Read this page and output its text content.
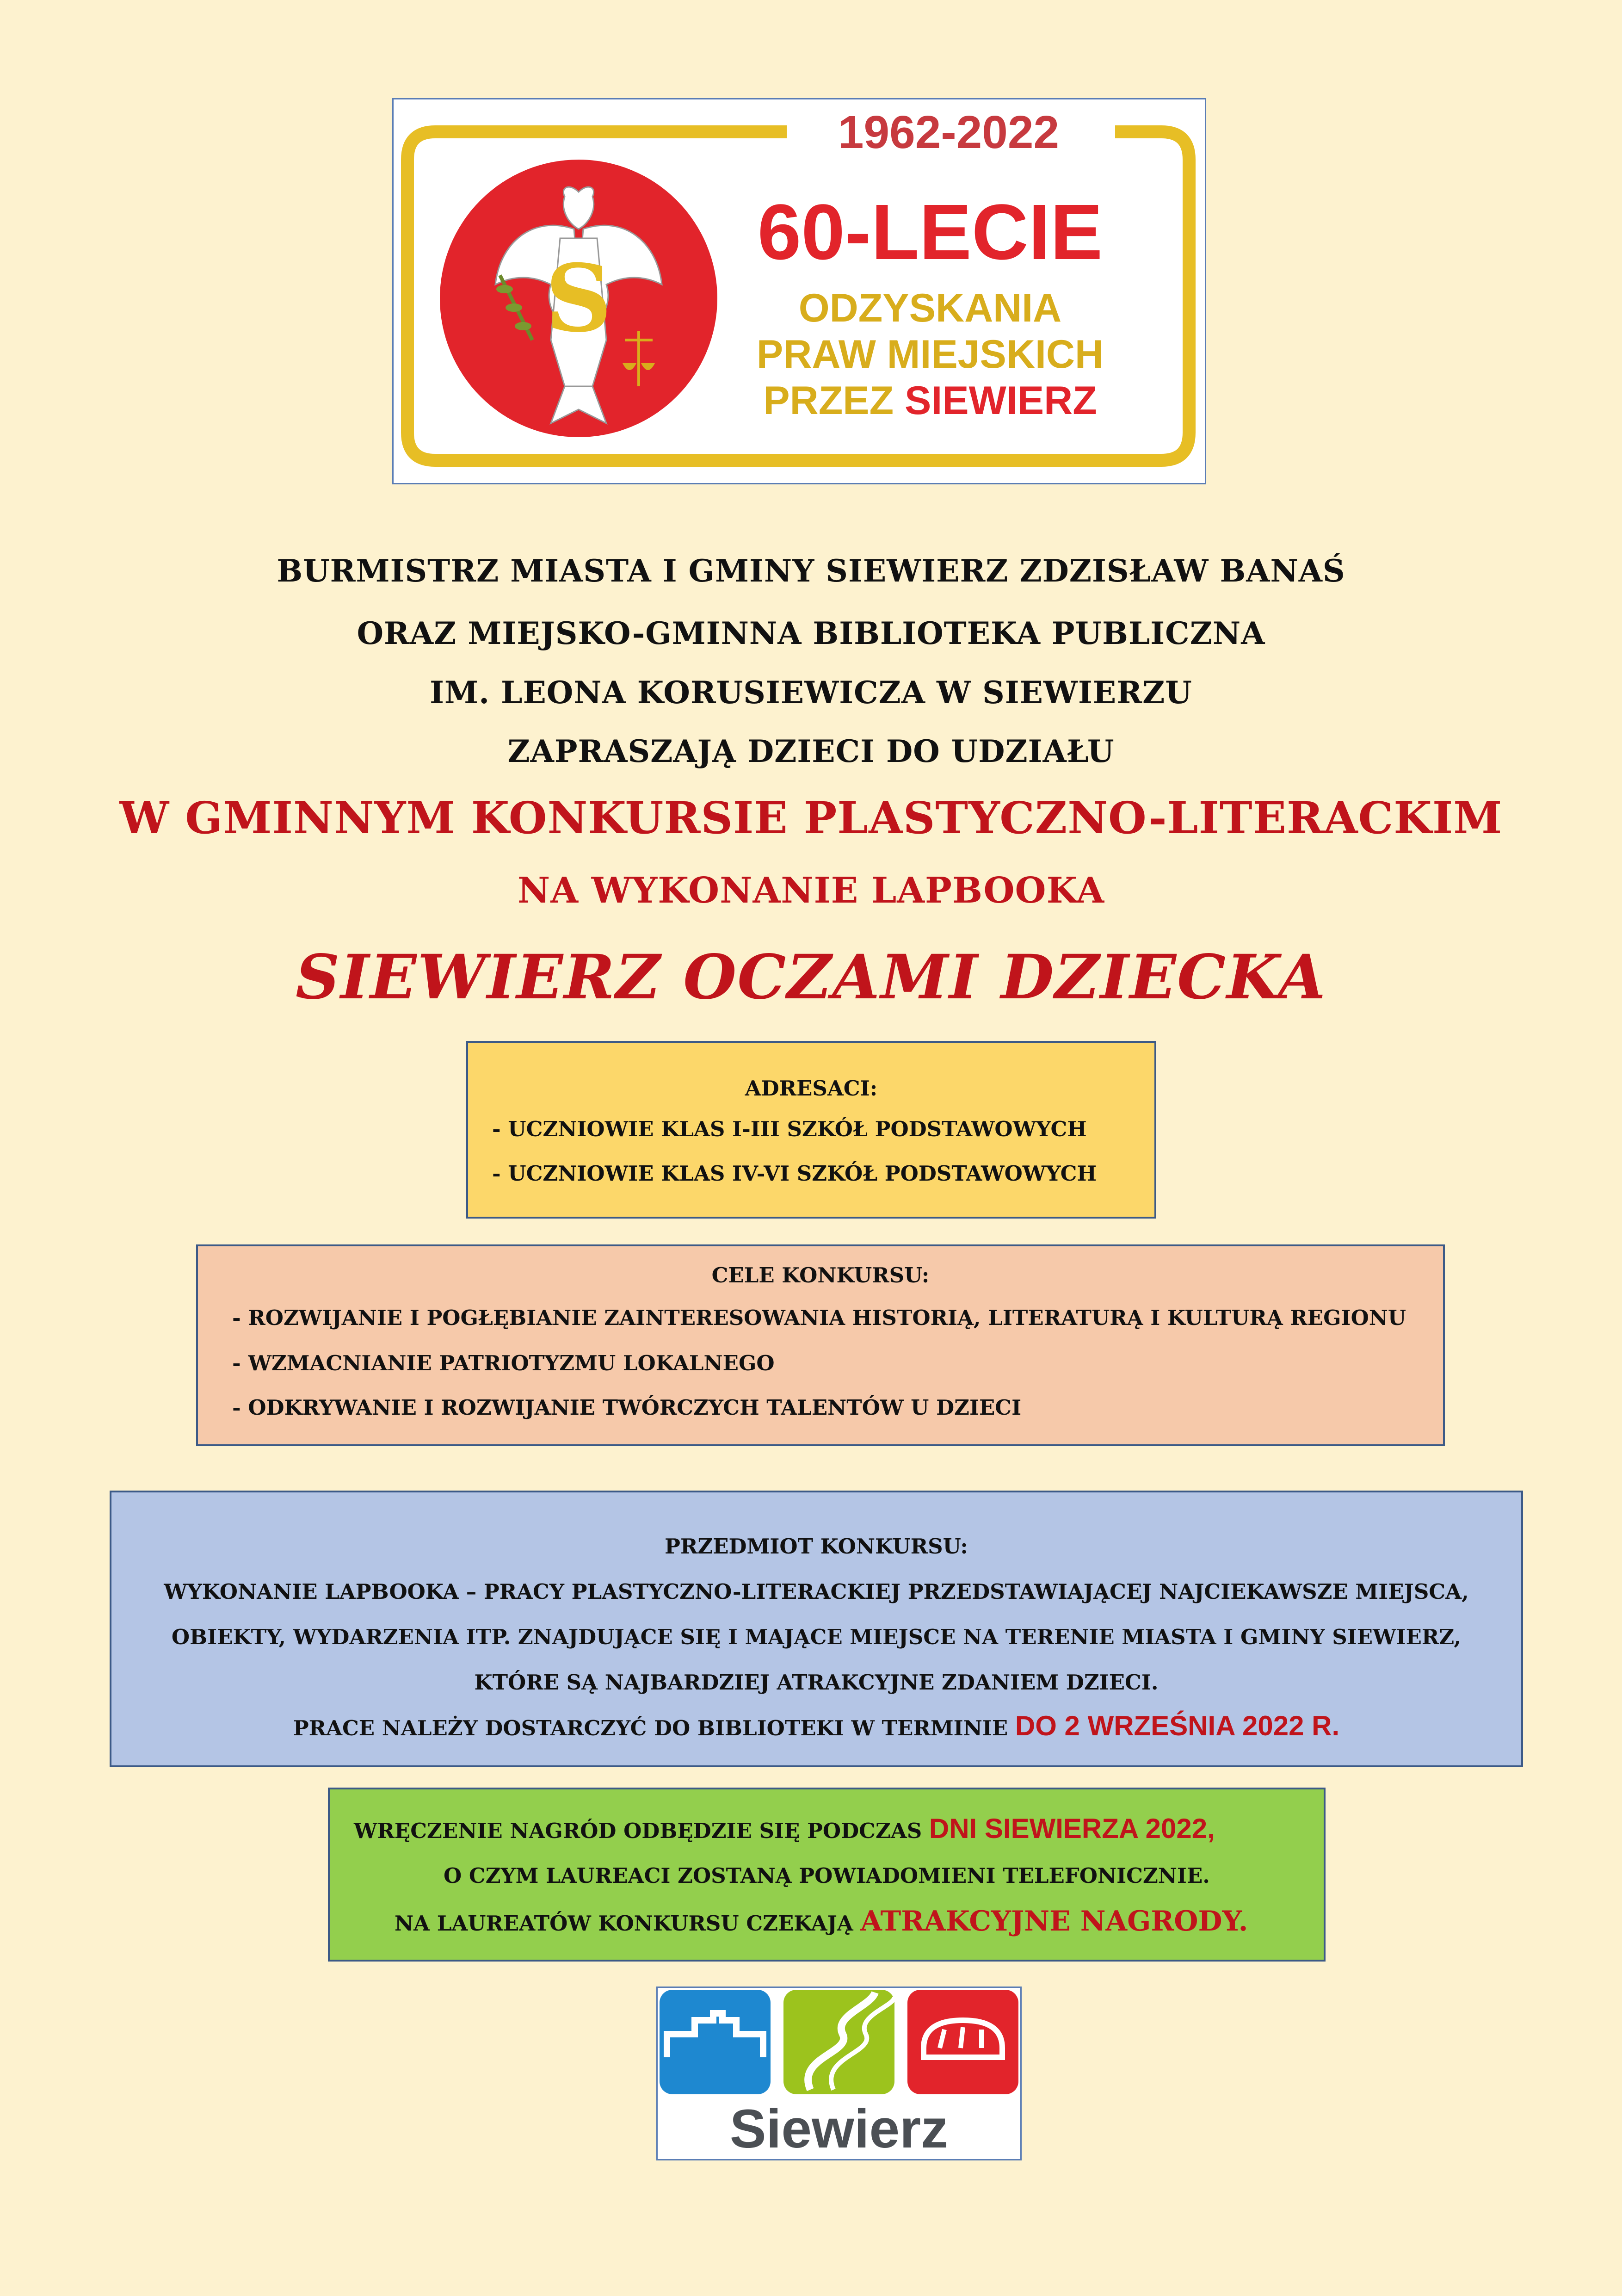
1962-2022
S
60-LECIE
ODZYSKANIA
PRAW MIEJSKICH
PRZEZ SIEWIERZ
BURMISTRZ MIASTA I GMINY SIEWIERZ ZDZISŁAW BANAŚ
ORAZ MIEJSKO-GMINNA BIBLIOTEKA PUBLICZNA
IM. LEONA KORUSIEWICZA W SIEWIERZU
ZAPRASZAJĄ DZIECI DO UDZIAŁU
W GMINNYM KONKURSIE PLASTYCZNO-LITERACKIM
NA WYKONANIE LAPBOOKA
SIEWIERZ OCZAMI DZIECKA
ADRESACI:
- UCZNIOWIE KLAS I-III SZKÓŁ PODSTAWOWYCH
- UCZNIOWIE KLAS IV-VI SZKÓŁ PODSTAWOWYCH
CELE KONKURSU:
- ROZWIJANIE I POGŁĘBIANIE ZAINTERESOWANIA HISTORIĄ, LITERATURĄ I KULTURĄ REGIONU
- WZMACNIANIE PATRIOTYZMU LOKALNEGO
- ODKRYWANIE I ROZWIJANIE TWÓRCZYCH TALENTÓW U DZIECI
PRZEDMIOT KONKURSU:
WYKONANIE LAPBOOKA – PRACY PLASTYCZNO-LITERACKIEJ PRZEDSTAWIAJĄCEJ NAJCIEKAWSZE MIEJSCA,
OBIEKTY, WYDARZENIA ITP. ZNAJDUJĄCE SIĘ I MAJĄCE MIEJSCE NA TERENIE MIASTA I GMINY SIEWIERZ,
KTÓRE SĄ NAJBARDZIEJ ATRAKCYJNE ZDANIEM DZIECI.
PRACE NALEŻY DOSTARCZYĆ DO BIBLIOTEKI W TERMINIE DO 2 WRZEŚNIA 2022 R.
WRĘCZENIE NAGRÓD ODBĘDZIE SIĘ PODCZAS DNI SIEWIERZA 2022,
O CZYM LAUREACI ZOSTANĄ POWIADOMIENI TELEFONICZNIE.
NA LAUREATÓW KONKURSU CZEKAJĄ ATRAKCYJNE NAGRODY.
Siewierz
